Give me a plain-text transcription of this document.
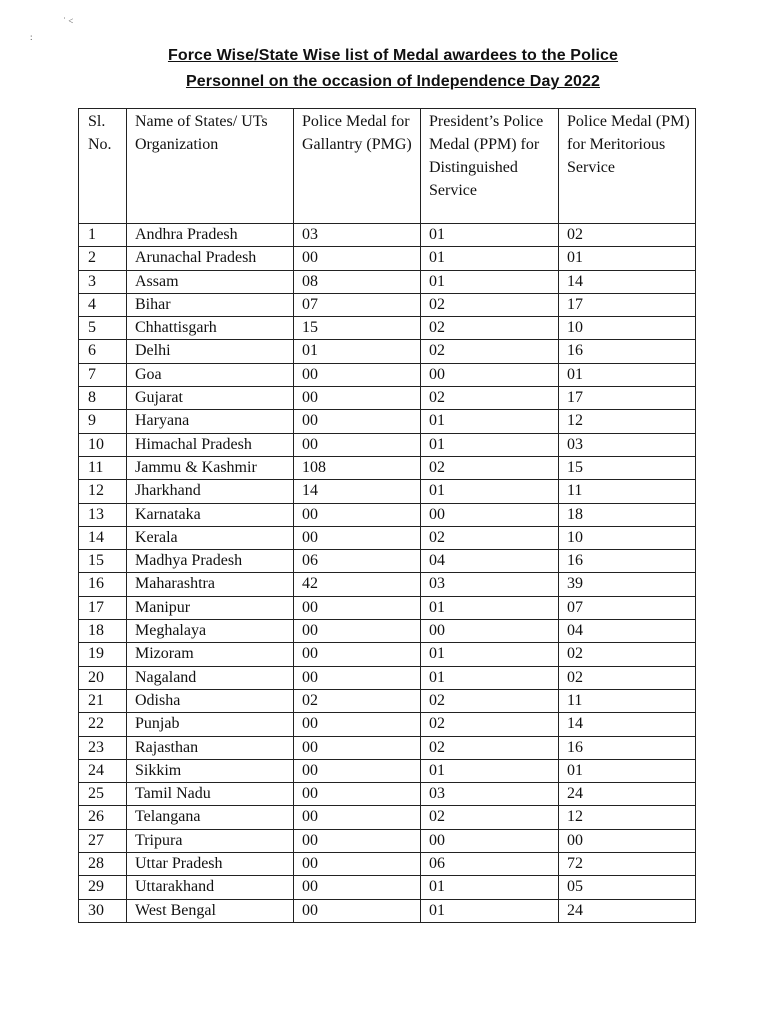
Force Wise/State Wise list of Medal awardees to the Police
Personnel on the occasion of Independence Day 2022
˙ ˂
:
Sl. No.	Name of States/ UTs Organization	Police Medal for Gallantry (PMG)	President’s Police Medal (PPM) for Distinguished Service	Police Medal (PM) for Meritorious Service
1	Andhra Pradesh	03	01	02
2	Arunachal Pradesh	00	01	01
3	Assam	08	01	14
4	Bihar	07	02	17
5	Chhattisgarh	15	02	10
6	Delhi	01	02	16
7	Goa	00	00	01
8	Gujarat	00	02	17
9	Haryana	00	01	12
10	Himachal Pradesh	00	01	03
11	Jammu & Kashmir	108	02	15
12	Jharkhand	14	01	11
13	Karnataka	00	00	18
14	Kerala	00	02	10
15	Madhya Pradesh	06	04	16
16	Maharashtra	42	03	39
17	Manipur	00	01	07
18	Meghalaya	00	00	04
19	Mizoram	00	01	02
20	Nagaland	00	01	02
21	Odisha	02	02	11
22	Punjab	00	02	14
23	Rajasthan	00	02	16
24	Sikkim	00	01	01
25	Tamil Nadu	00	03	24
26	Telangana	00	02	12
27	Tripura	00	00	00
28	Uttar Pradesh	00	06	72
29	Uttarakhand	00	01	05
30	West Bengal	00	01	24
